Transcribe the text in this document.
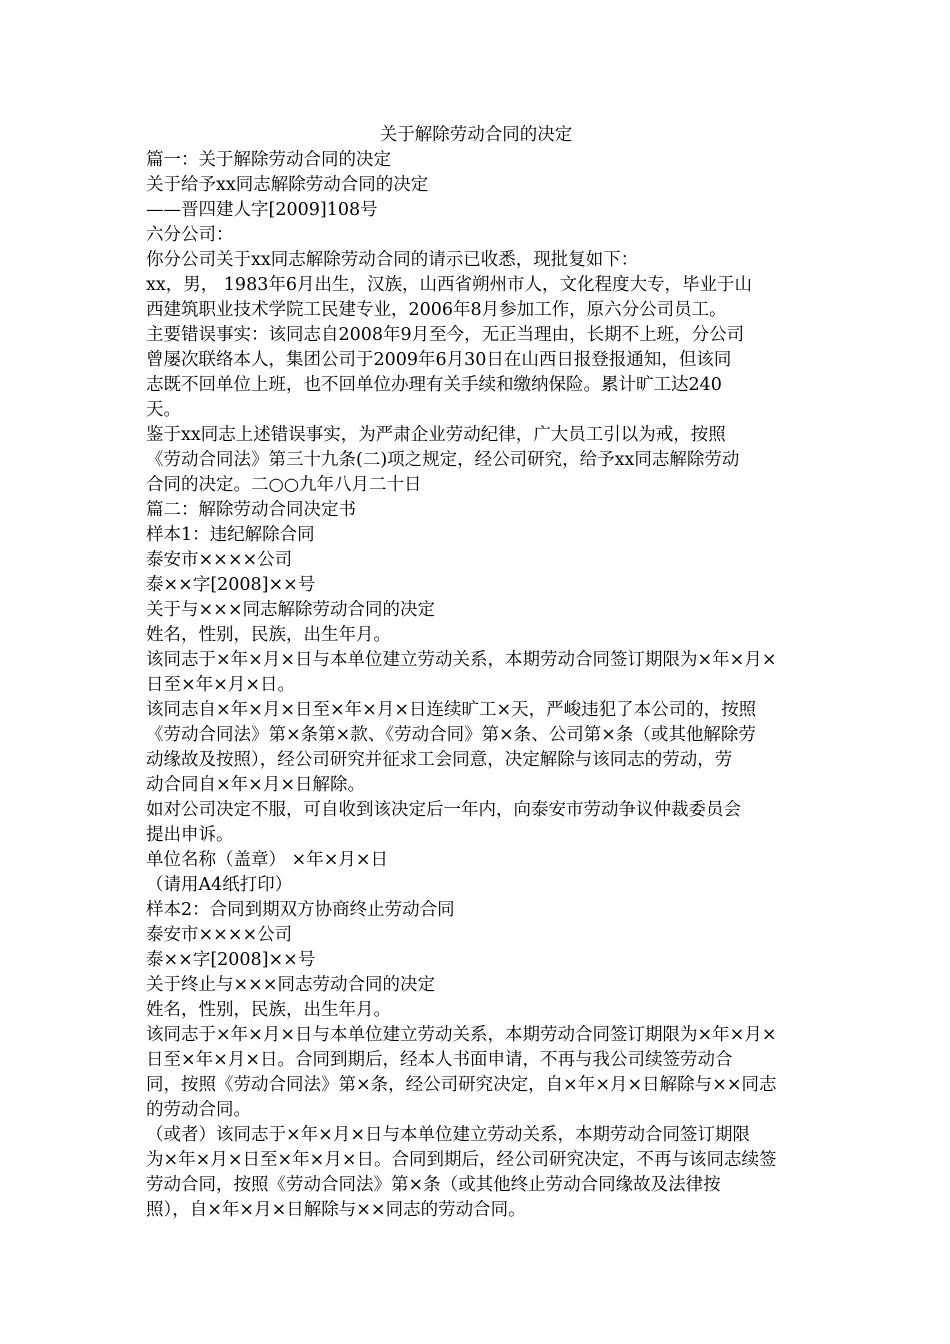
关于解除劳动合同的决定

篇一：关于解除劳动合同的决定

关于给予xx同志解除劳动合同的决定

——晋四建人字[2009]108号

六分公司：

你分公司关于xx同志解除劳动合同的请示已收悉，现批复如下：

xx，男， 1983年6月出生，汉族，山西省朔州市人，文化程度大专，毕业于山
西建筑职业技术学院工民建专业，2006年8月参加工作，原六分公司员工。

主要错误事实：该同志自2008年9月至今，无正当理由，长期不上班，分公司
曾屡次联络本人，集团公司于2009年6月30日在山西日报登报通知，但该同
志既不回单位上班，也不回单位办理有关手续和缴纳保险。累计旷工达240
天。

鉴于xx同志上述错误事实，为严肃企业劳动纪律，广大员工引以为戒，按照
《劳动合同法》第三十九条(二)项之规定，经公司研究，给予xx同志解除劳动
合同的决定。二○○九年八月二十日

篇二：解除劳动合同决定书

样本1：违纪解除合同

泰安市××××公司

泰××字[2008]××号

关于与×××同志解除劳动合同的决定

姓名，性别，民族，出生年月。

该同志于×年×月×日与本单位建立劳动关系，本期劳动合同签订期限为×年×月×
日至×年×月×日。

该同志自×年×月×日至×年×月×日连续旷工×天，严峻违犯了本公司的，按照
《劳动合同法》第×条第×款、《劳动合同》第×条、公司第×条（或其他解除劳
动缘故及按照），经公司研究并征求工会同意，决定解除与该同志的劳动，劳
动合同自×年×月×日解除。

如对公司决定不服，可自收到该决定后一年内，向泰安市劳动争议仲裁委员会
提出申诉。

单位名称（盖章） ×年×月×日

（请用A4纸打印）

样本2：合同到期双方协商终止劳动合同

泰安市××××公司

泰××字[2008]××号

关于终止与×××同志劳动合同的决定

姓名，性别，民族，出生年月。

该同志于×年×月×日与本单位建立劳动关系，本期劳动合同签订期限为×年×月×
日至×年×月×日。合同到期后，经本人书面申请，不再与我公司续签劳动合
同，按照《劳动合同法》第×条，经公司研究决定，自×年×月×日解除与××同志
的劳动合同。

（或者）该同志于×年×月×日与本单位建立劳动关系，本期劳动合同签订期限
为×年×月×日至×年×月×日。合同到期后，经公司研究决定，不再与该同志续签
劳动合同，按照《劳动合同法》第×条（或其他终止劳动合同缘故及法律按
照），自×年×月×日解除与××同志的劳动合同。
